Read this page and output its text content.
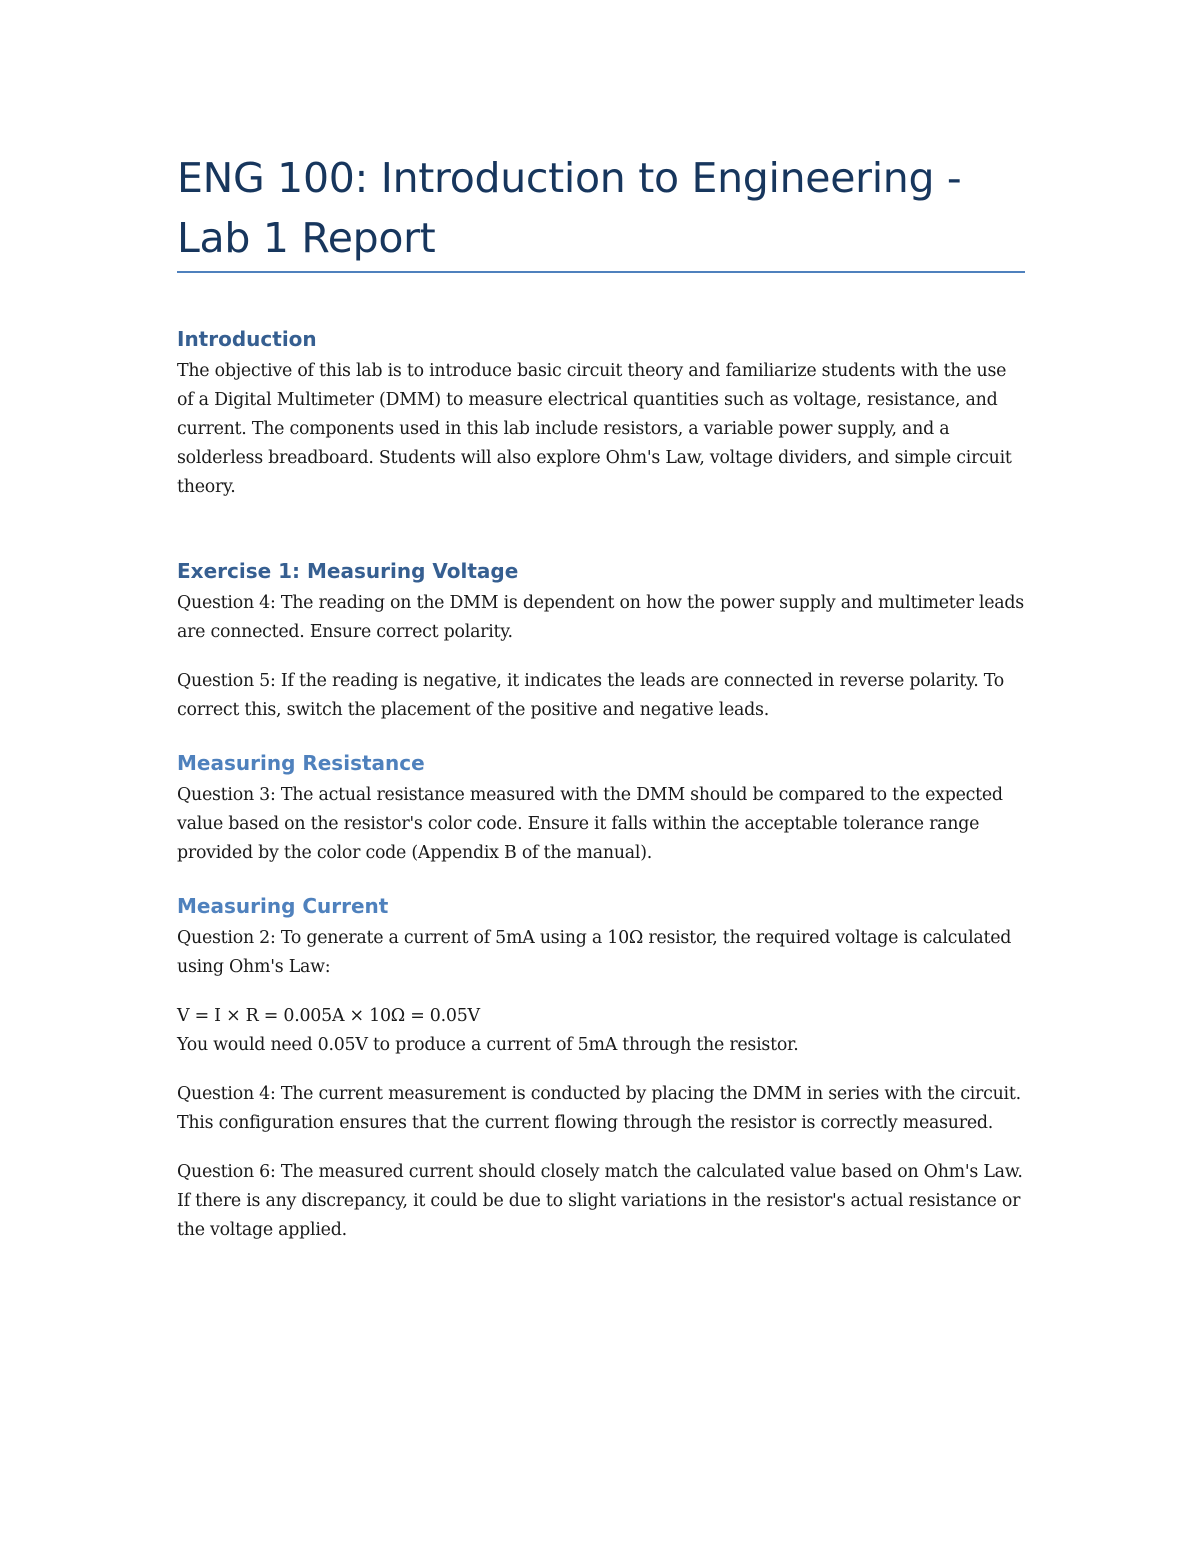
ENG 100: Introduction to Engineering - Lab 1 Report
Introduction

The objective of this lab is to introduce basic circuit theory and familiarize students with the use of a Digital Multimeter (DMM) to measure electrical quantities such as voltage, resistance, and current. The components used in this lab include resistors, a variable power supply, and a solderless breadboard. Students will also explore Ohm's Law, voltage dividers, and simple circuit theory.

Exercise 1: Measuring Voltage

Question 4: The reading on the DMM is dependent on how the power supply and multimeter leads are connected. Ensure correct polarity.

Question 5: If the reading is negative, it indicates the leads are connected in reverse polarity. To correct this, switch the placement of the positive and negative leads.

Measuring Resistance

Question 3: The actual resistance measured with the DMM should be compared to the expected value based on the resistor's color code. Ensure it falls within the acceptable tolerance range provided by the color code (Appendix B of the manual).

Measuring Current

Question 2: To generate a current of 5mA using a 10Ω resistor, the required voltage is calculated using Ohm's Law:

V = I × R = 0.005A × 10Ω = 0.05V

You would need 0.05V to produce a current of 5mA through the resistor.

Question 4: The current measurement is conducted by placing the DMM in series with the circuit. This configuration ensures that the current flowing through the resistor is correctly measured.

Question 6: The measured current should closely match the calculated value based on Ohm's Law. If there is any discrepancy, it could be due to slight variations in the resistor's actual resistance or the voltage applied.
